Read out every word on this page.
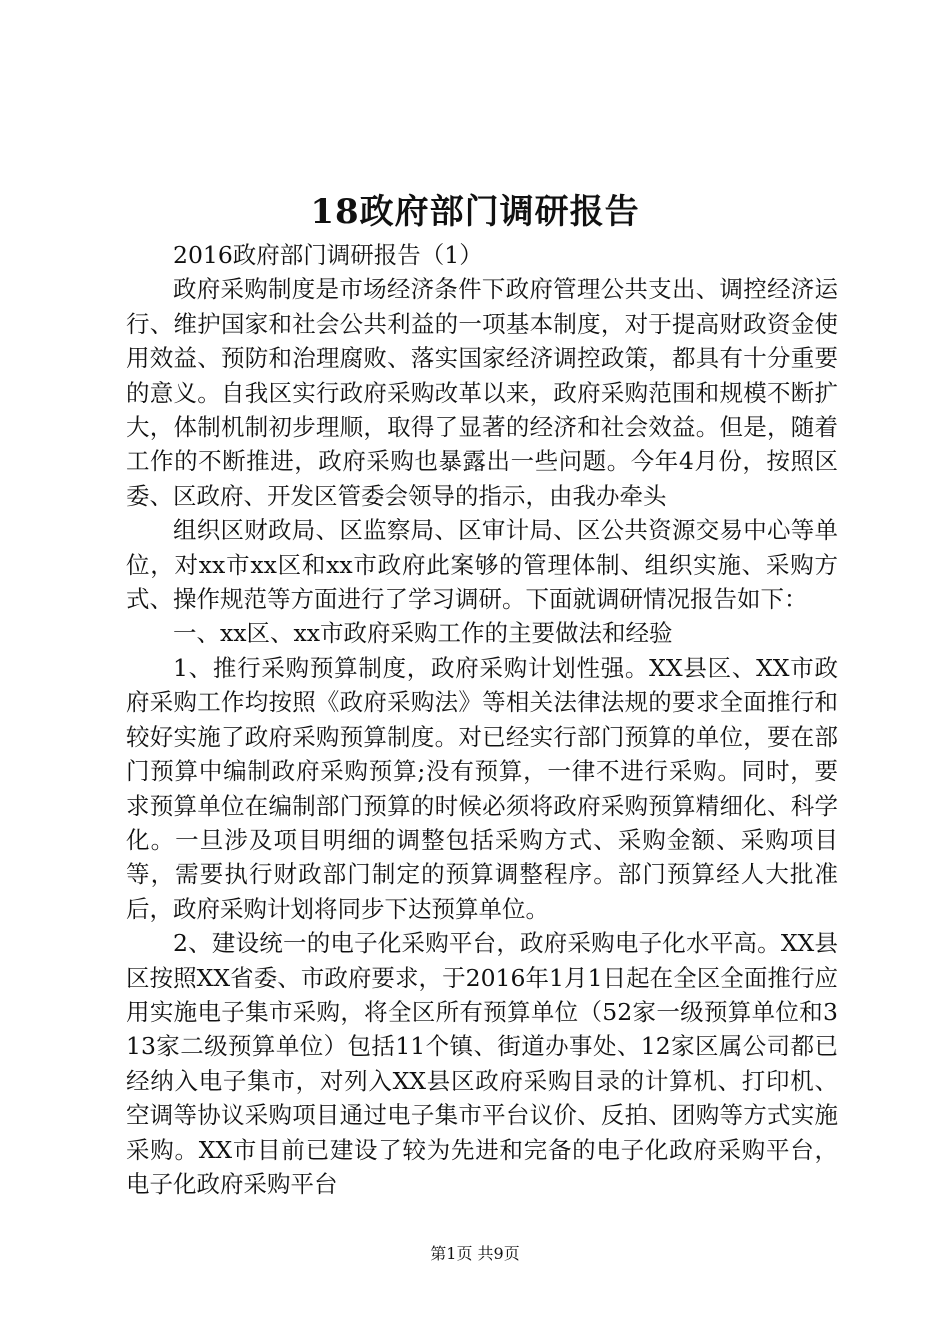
18政府部门调研报告

2016政府部门调研报告（1）

政府采购制度是市场经济条件下政府管理公共支出、调控经济运行、维护国家和社会公共利益的一项基本制度，对于提高财政资金使用效益、预防和治理腐败、落实国家经济调控政策，都具有十分重要的意义。自我区实行政府采购改革以来，政府采购范围和规模不断扩大，体制机制初步理顺，取得了显著的经济和社会效益。但是，随着工作的不断推进，政府采购也暴露出一些问题。今年4月份，按照区委、区政府、开发区管委会领导的指示，由我办牵头

组织区财政局、区监察局、区审计局、区公共资源交易中心等单位，对xx市xx区和xx市政府此案够的管理体制、组织实施、采购方式、操作规范等方面进行了学习调研。下面就调研情况报告如下：

一、xx区、xx市政府采购工作的主要做法和经验

1、推行采购预算制度，政府采购计划性强。XX县区、XX市政府采购工作均按照《政府采购法》等相关法律法规的要求全面推行和较好实施了政府采购预算制度。对已经实行部门预算的单位，要在部门预算中编制政府采购预算;没有预算，一律不进行采购。同时，要求预算单位在编制部门预算的时候必须将政府采购预算精细化、科学化。一旦涉及项目明细的调整包括采购方式、采购金额、采购项目等，需要执行财政部门制定的预算调整程序。部门预算经人大批准后，政府采购计划将同步下达预算单位。

2、建设统一的电子化采购平台，政府采购电子化水平高。XX县区按照XX省委、市政府要求，于2016年1月1日起在全区全面推行应用实施电子集市采购，将全区所有预算单位（52家一级预算单位和313家二级预算单位）包括11个镇、街道办事处、12家区属公司都已经纳入电子集市，对列入XX县区政府采购目录的计算机、打印机、空调等协议采购项目通过电子集市平台议价、反拍、团购等方式实施采购。XX市目前已建设了较为先进和完备的电子化政府采购平台，电子化政府采购平台

第1页 共9页
